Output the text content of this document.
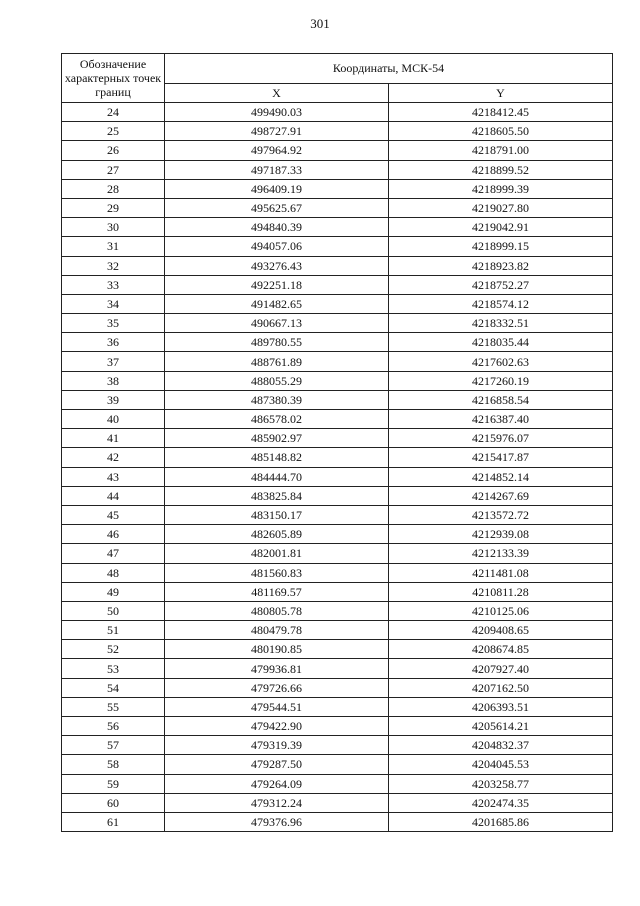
301
Обозначение характерных точек границ	Координаты, МСК-54	
	X	Y
24	499490.03	4218412.45
25	498727.91	4218605.50
26	497964.92	4218791.00
27	497187.33	4218899.52
28	496409.19	4218999.39
29	495625.67	4219027.80
30	494840.39	4219042.91
31	494057.06	4218999.15
32	493276.43	4218923.82
33	492251.18	4218752.27
34	491482.65	4218574.12
35	490667.13	4218332.51
36	489780.55	4218035.44
37	488761.89	4217602.63
38	488055.29	4217260.19
39	487380.39	4216858.54
40	486578.02	4216387.40
41	485902.97	4215976.07
42	485148.82	4215417.87
43	484444.70	4214852.14
44	483825.84	4214267.69
45	483150.17	4213572.72
46	482605.89	4212939.08
47	482001.81	4212133.39
48	481560.83	4211481.08
49	481169.57	4210811.28
50	480805.78	4210125.06
51	480479.78	4209408.65
52	480190.85	4208674.85
53	479936.81	4207927.40
54	479726.66	4207162.50
55	479544.51	4206393.51
56	479422.90	4205614.21
57	479319.39	4204832.37
58	479287.50	4204045.53
59	479264.09	4203258.77
60	479312.24	4202474.35
61	479376.96	4201685.86
